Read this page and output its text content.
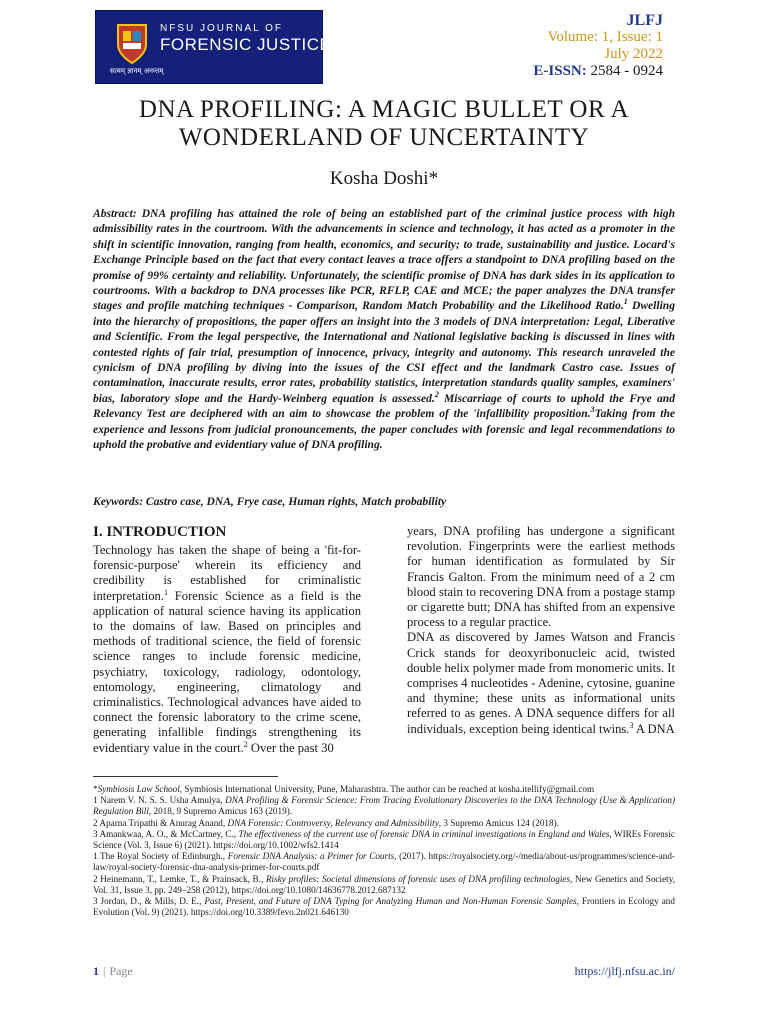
NFSU JOURNAL OF
FORENSIC JUSTICE
सत्यम् ज्ञानम् अनन्तम्
JLFJ
Volume: 1, Issue: 1
July 2022
E-ISSN: 2584 - 0924
DNA PROFILING: A MAGIC BULLET OR A WONDERLAND OF UNCERTAINTY
Kosha Doshi*
Abstract: DNA profiling has attained the role of being an established part of the criminal justice process with high admissibility rates in the courtroom. With the advancements in science and technology, it has acted as a promoter in the shift in scientific innovation, ranging from health, economics, and security; to trade, sustainability and justice. Locard's Exchange Principle based on the fact that every contact leaves a trace offers a standpoint to DNA profiling based on the promise of 99% certainty and reliability. Unfortunately, the scientific promise of DNA has dark sides in its application to courtrooms. With a backdrop to DNA processes like PCR, RFLP, CAE and MCE; the paper analyzes the DNA transfer stages and profile matching techniques - Comparison, Random Match Probability and the Likelihood Ratio.$^1$ Dwelling into the hierarchy of propositions, the paper offers an insight into the 3 models of DNA interpretation: Legal, Liberative and Scientific. From the legal perspective, the International and National legislative backing is discussed in lines with contested rights of fair trial, presumption of innocence, privacy, integrity and autonomy. This research unraveled the cynicism of DNA profiling by diving into the issues of the CSI effect and the landmark Castro case. Issues of contamination, inaccurate results, error rates, probability statistics, interpretation standards quality samples, examiners' bias, laboratory slope and the Hardy-Weinberg equation is assessed.$^2$ Miscarriage of courts to uphold the Frye and Relevancy Test are deciphered with an aim to showcase the problem of the 'infallibility proposition.$^3$Taking from the experience and lessons from judicial pronouncements, the paper concludes with forensic and legal recommendations to uphold the probative and evidentiary value of DNA profiling.
Keywords: Castro case, DNA, Frye case, Human rights, Match probability
I. INTRODUCTION

Technology has taken the shape of being a 'fit-for-forensic-purpose' wherein its efficiency and credibility is established for criminalistic interpretation.$^1$ Forensic Science as a field is the application of natural science having its application to the domains of law. Based on principles and methods of traditional science, the field of forensic science ranges to include forensic medicine, psychiatry, toxicology, radiology, odontology, entomology, engineering, climatology and criminalistics. Technological advances have aided to connect the forensic laboratory to the crime scene, generating infallible findings strengthening its evidentiary value in the court.$^2$ Over the past 30

years, DNA profiling has undergone a significant revolution. Fingerprints were the earliest methods for human identification as formulated by Sir Francis Galton. From the minimum need of a 2 cm blood stain to recovering DNA from a postage stamp or cigarette butt; DNA has shifted from an expensive process to a regular practice.

DNA as discovered by James Watson and Francis Crick stands for deoxyribonucleic acid, twisted double helix polymer made from monomeric units. It comprises 4 nucleotides - Adenine, cytosine, guanine and thymine; these units as informational units referred to as genes. A DNA sequence differs for all individuals, exception being identical twins.$^3$ A DNA

*Symbiosis Law School, Symbiosis International University, Pune, Maharashtra. The author can be reached at kosha.itellify@gmail.com

1 Narem V. N. S. S. Usha Amulya, DNA Profiling & Forensic Science: From Tracing Evolutionary Discoveries to the DNA Technology (Use & Application) Regulation Bill, 2018, 9 Supremo Amicus 163 (2019).

2 Aparna Tripathi & Anurag Anand, DNA Forensic: Controversy, Relevancy and Admissibility, 3 Supremo Amicus 124 (2018).

3 Amankwaa, A. O., & McCartney, C., The effectiveness of the current use of forensic DNA in criminal investigations in England and Wales, WIREs Forensic Science (Vol. 3, Issue 6) (2021). https://doi.org/10.1002/wfs2.1414

1 The Royal Society of Edinburgh., Forensic DNA Analysis: a Primer for Courts, (2017). https://royalsociety.org/-/media/about-us/programmes/science-and-law/royal-society-forensic-dna-analysis-primer-for-courts.pdf

2 Heinemann, T., Lemke, T., & Prainsack, B., Risky profiles: Societal dimensions of forensic uses of DNA profiling technologies, New Genetics and Society, Vol. 31, Issue 3, pp. 249–258 (2012), https://doi.org/10.1080/14636778.2012.687132

3 Jordan, D., & Mills, D. E., Past, Present, and Future of DNA Typing for Analyzing Human and Non-Human Forensic Samples, Frontiers in Ecology and Evolution (Vol. 9) (2021). https://doi.org/10.3389/fevo.2n021.646130

1 | Page	https://jlfj.nfsu.ac.in/
